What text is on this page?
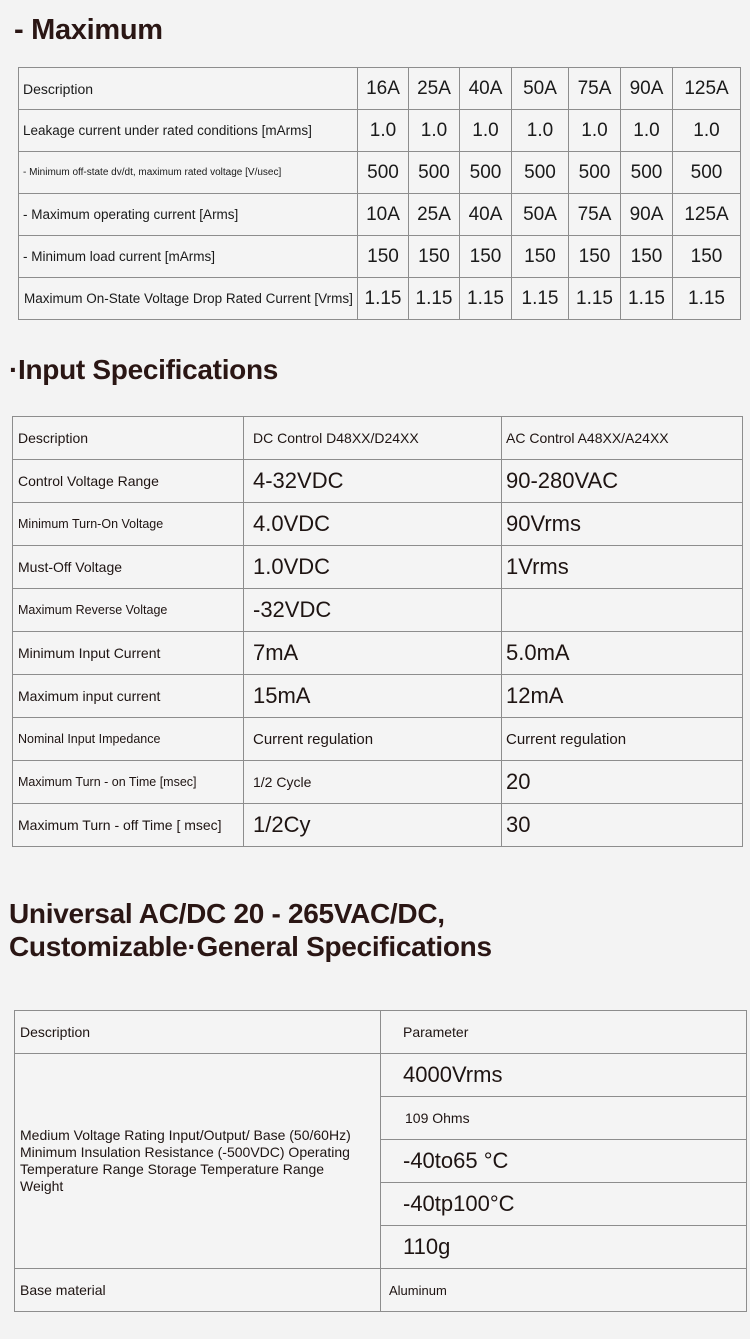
- Maximum
Description	16A	25A	40A	50A	75A	90A	125A
Leakage current under rated conditions [mArms]	1.0	1.0	1.0	1.0	1.0	1.0	1.0
- Minimum off-state dv/dt, maximum rated voltage [V/usec]	500	500	500	500	500	500	500
- Maximum operating current [Arms]	10A	25A	40A	50A	75A	90A	125A
- Minimum load current [mArms]	150	150	150	150	150	150	150
Maximum On-State Voltage Drop Rated Current [Vrms]	1.15	1.15	1.15	1.15	1.15	1.15	1.15
·Input Specifications
Description	DC Control D48XX/D24XX	AC Control A48XX/A24XX
Control Voltage Range	4-32VDC	90-280VAC
Minimum Turn-On Voltage	4.0VDC	90Vrms
Must-Off Voltage	1.0VDC	1Vrms
Maximum Reverse Voltage	-32VDC	
Minimum Input Current	7mA	5.0mA
Maximum input current	15mA	12mA
Nominal Input Impedance	Current regulation	Current regulation
Maximum Turn - on Time [msec]	1/2 Cycle	20
Maximum Turn - off Time [ msec]	1/2Cy	30
Universal AC/DC 20 - 265VAC/DC,
Customizable·General Specifications
Description	Parameter
Medium Voltage Rating Input/Output/ Base (50/60Hz) Minimum Insulation Resistance (-500VDC) Operating Temperature Range Storage Temperature Range Weight	4000Vrms
	109 Ohms
	-40to65 °C
	-40tp100°C
	110g
Base material	Aluminum
